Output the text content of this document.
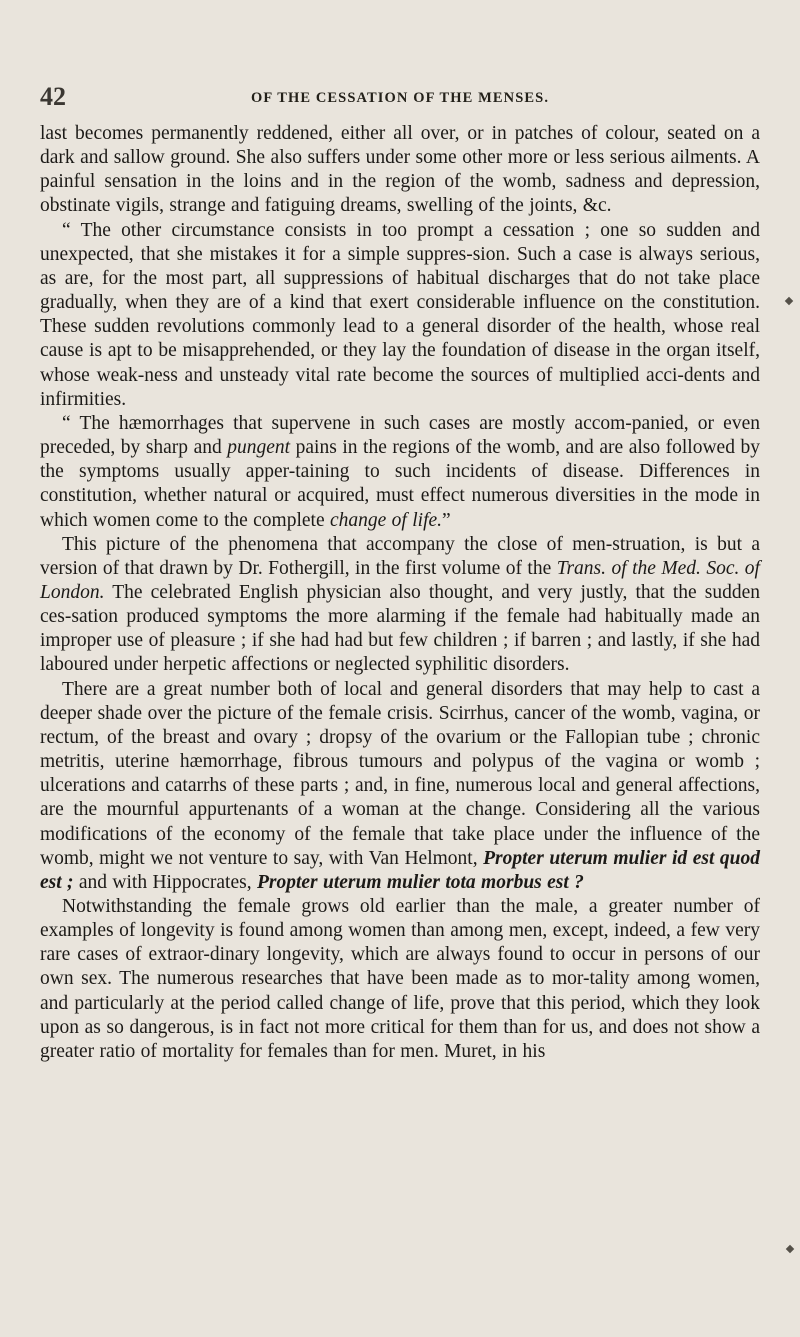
42	OF THE CESSATION OF THE MENSES.

last becomes permanently reddened, either all over, or in patches of colour, seated on a dark and sallow ground. She also suffers under some other more or less serious ailments. A painful sensation in the loins and in the region of the womb, sadness and depression, obstinate vigils, strange and fatiguing dreams, swelling of the joints, &c.

“ The other circumstance consists in too prompt a cessation ; one so sudden and unexpected, that she mistakes it for a simple suppres-sion. Such a case is always serious, as are, for the most part, all suppressions of habitual discharges that do not take place gradually, when they are of a kind that exert considerable influence on the constitution. These sudden revolutions commonly lead to a general disorder of the health, whose real cause is apt to be misapprehended, or they lay the foundation of disease in the organ itself, whose weak-ness and unsteady vital rate become the sources of multiplied acci-dents and infirmities.

“ The hæmorrhages that supervene in such cases are mostly accom-panied, or even preceded, by sharp and pungent pains in the regions of the womb, and are also followed by the symptoms usually apper-taining to such incidents of disease. Differences in constitution, whether natural or acquired, must effect numerous diversities in the mode in which women come to the complete change of life.”

This picture of the phenomena that accompany the close of men-struation, is but a version of that drawn by Dr. Fothergill, in the first volume of the Trans. of the Med. Soc. of London. The celebrated English physician also thought, and very justly, that the sudden ces-sation produced symptoms the more alarming if the female had habitually made an improper use of pleasure ; if she had had but few children ; if barren ; and lastly, if she had laboured under herpetic affections or neglected syphilitic disorders.

There are a great number both of local and general disorders that may help to cast a deeper shade over the picture of the female crisis. Scirrhus, cancer of the womb, vagina, or rectum, of the breast and ovary ; dropsy of the ovarium or the Fallopian tube ; chronic metritis, uterine hæmorrhage, fibrous tumours and polypus of the vagina or womb ; ulcerations and catarrhs of these parts ; and, in fine, numerous local and general affections, are the mournful appurtenants of a woman at the change. Considering all the various modifications of the economy of the female that take place under the influence of the womb, might we not venture to say, with Van Helmont, Propter uterum mulier id est quod est ; and with Hippocrates, Propter uterum mulier tota morbus est ?

Notwithstanding the female grows old earlier than the male, a greater number of examples of longevity is found among women than among men, except, indeed, a few very rare cases of extraor-dinary longevity, which are always found to occur in persons of our own sex. The numerous researches that have been made as to mor-tality among women, and particularly at the period called change of life, prove that this period, which they look upon as so dangerous, is in fact not more critical for them than for us, and does not show a greater ratio of mortality for females than for men. Muret, in his
